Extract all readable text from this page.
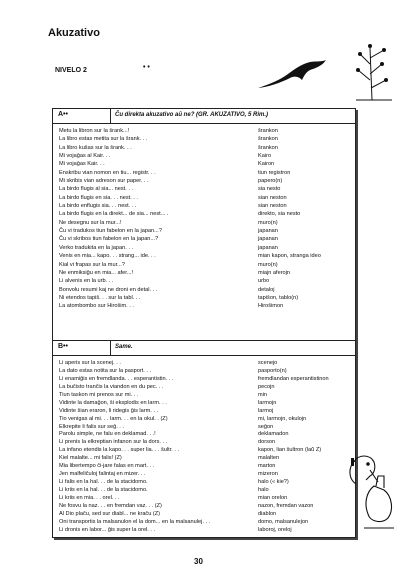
Akuzativo
NIVELO 2	• •
A••	Ĉu direkta akuzativo aŭ ne? (GR. AKUZATIVO, 5 Rim.)
Metu la libron sur la ŝrank...!	ŝrankon
La libro estas metita sur la ŝrank. . .	ŝrankon
La libro kuŝas sur la ŝrank. . .	ŝrankon
Mi vojaĝas al Kair. . .	Kairo
Mi vojaĝas Kair. . .	Kairon
Enskribu vian nomon en tiu... registr. . .	tiun registron
Mi skribis vian adreson sur paper. . .	papero(n)
La birdo flugis al sia... nest. . .	sia nesto
La birdo flugis en sia. . . nest. . .	sian neston
La birdo enflugis sia. . . nest. . .	sian neston
La birdo flugis en la direkt... de sia... nest... .	direkto, sia nesto
Ne desegnu sur la mur...!	muro(n)
Ĉu vi tradukos tiun fabelon en la japan...?	japanan
Ĉu vi skribos tiun fabelon en la japan...?	japanan
Verko tradukita en la japan. . .	japanan
Venis en mia... kapo. . . strang... ide. . .	mian kapon, stranga ideo
Kial vi frapas sur la mur...?	muro(n)
Ne enmiksiĝu en mia... afer...!	miajn aferojn
Li alvenis en la urb. . .	urbo
Bonvolu resumi kaj ne droni en detal. . .	detaloj
Ni etendos tapiŝ. . . sur la tabl. . .	tapiŝon, tablo(n)
La atombombo sur Hiroŝim. . .	Hiroŝimon
B••	Same.
Li aperis sur la scenej. . .	scenejo
La dato estas notita sur la pasport. . .	pasporto(n)
Li enamiĝis en fremdlanda. . . esperantistin. . .	fremdlandan esperantistinon
La buĉisto tranĉis la viandon en du pec. . .	pecojn
Tiun taskon mi prenos sur mi. . .	min
Vidinte la damaĝon, ŝi eksplodis en larm. . .	larmojn
Vidinte ŝian eraron, li ridegis ĝis larm. . .	larmoj
Tio venigas al mi. . . larm. . . en la okul. . (Z)	mi, larmojn, okulojn
Elkrepite li falis sur seĝ. . .	seĝon
Parolu simple, ne falu en deklamad. . .!	deklamadon
Li prenis la elkreptian infanon sur la dors. . .	dorson
La infano etendis la kapo. . . super lia. . . ŝultr. . .	kapon, lian ŝultron (laŭ Z)
Kiel malalte... mi falis! (Z)	malalten
Mia libertempo ĉi-jare falas en mart. . .	marton
Jen malfeliĉuloj falintaj en mizer. . .	mizeron
Li falis en la hal. . . de la stacidomo.	halo (« kie?)
Li kriis en la hal. . . de la stacidomo.	halo
Li kriis en mia. . . orel. . .	mian orelon
Ne fosvu la naz. . . en fremdan vaz. . . (Z)	nazon, fremdan vazon
Al Dio plaĉu, sed sur diabl... ne kraĉu (Z)	diablon
Oni transportis la malsanulon el la dom... en la malsanulej. . .	domo, malsanulejon
Li dronis en labor... ĝis super la orel. . .	laboroj, oreloj
30
